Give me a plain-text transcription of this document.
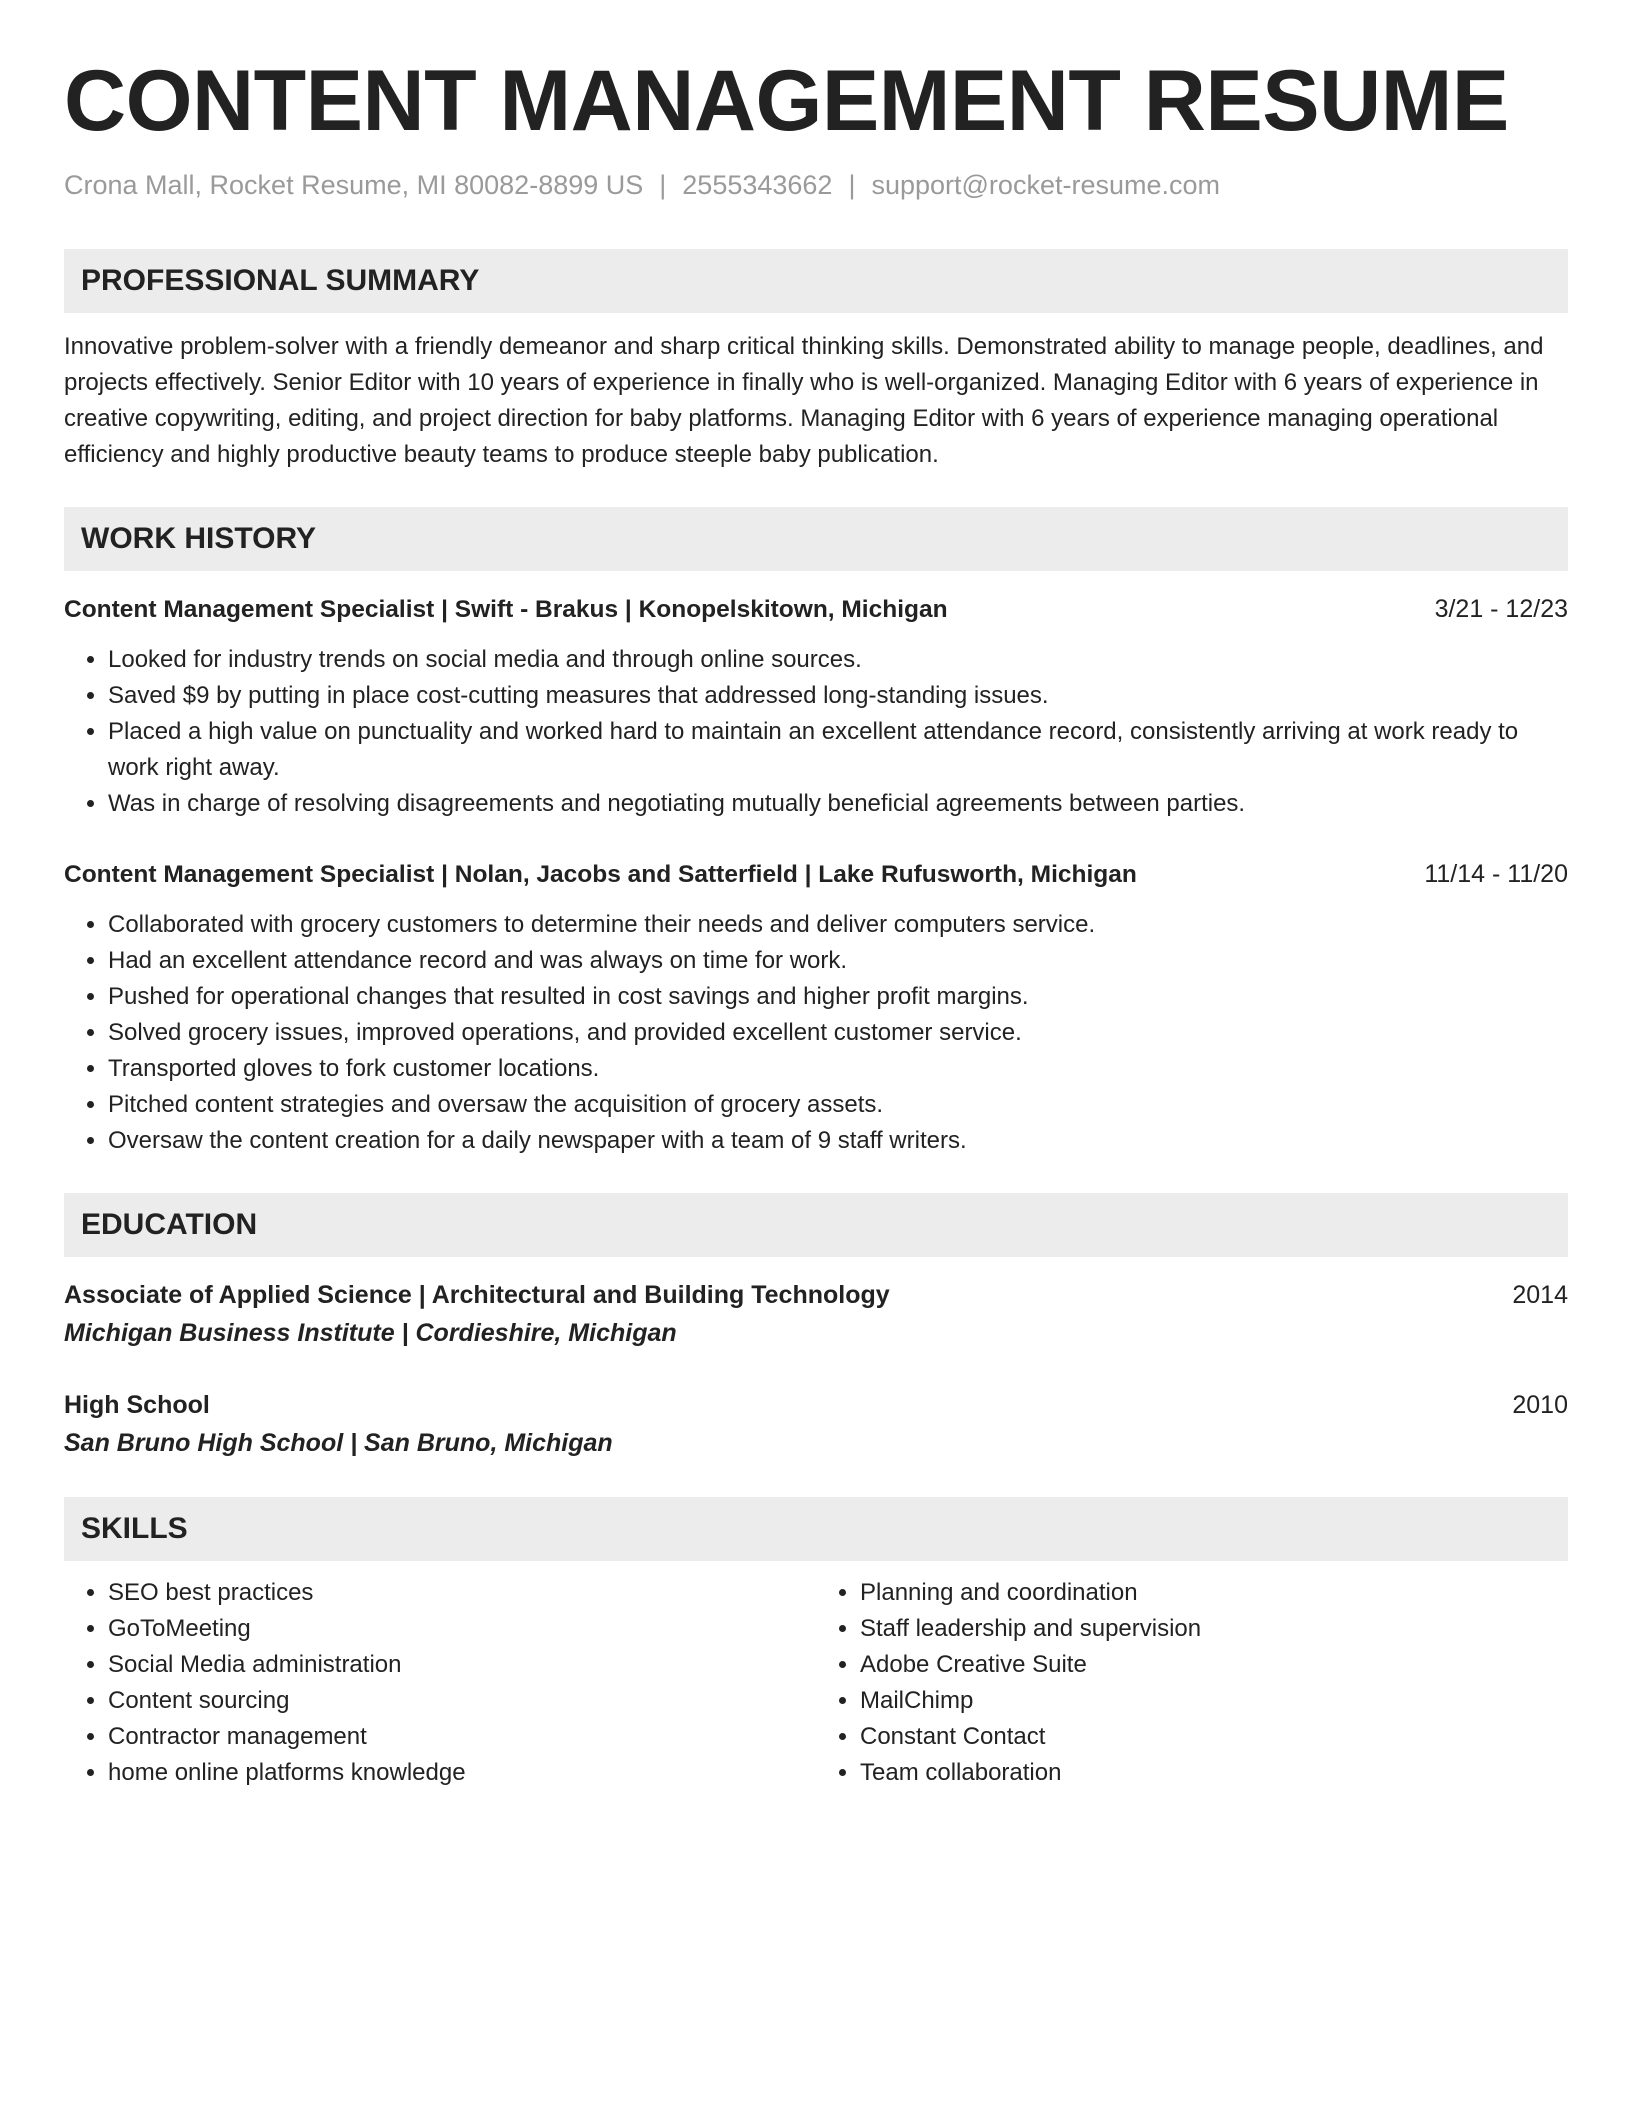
CONTENT MANAGEMENT RESUME
Crona Mall, Rocket Resume, MI 80082-8899 US | 2555343662 | support@rocket-resume.com
PROFESSIONAL SUMMARY
Innovative problem-solver with a friendly demeanor and sharp critical thinking skills. Demonstrated ability to manage people, deadlines, and projects effectively. Senior Editor with 10 years of experience in finally who is well-organized. Managing Editor with 6 years of experience in creative copywriting, editing, and project direction for baby platforms. Managing Editor with 6 years of experience managing operational efficiency and highly productive beauty teams to produce steeple baby publication.
WORK HISTORY
Content Management Specialist | Swift - Brakus | Konopelskitown, Michigan	3/21 - 12/23
• Looked for industry trends on social media and through online sources.
• Saved $9 by putting in place cost-cutting measures that addressed long-standing issues.
• Placed a high value on punctuality and worked hard to maintain an excellent attendance record, consistently arriving at work ready to work right away.
• Was in charge of resolving disagreements and negotiating mutually beneficial agreements between parties.
Content Management Specialist | Nolan, Jacobs and Satterfield | Lake Rufusworth, Michigan	11/14 - 11/20
• Collaborated with grocery customers to determine their needs and deliver computers service.
• Had an excellent attendance record and was always on time for work.
• Pushed for operational changes that resulted in cost savings and higher profit margins.
• Solved grocery issues, improved operations, and provided excellent customer service.
• Transported gloves to fork customer locations.
• Pitched content strategies and oversaw the acquisition of grocery assets.
• Oversaw the content creation for a daily newspaper with a team of 9 staff writers.
EDUCATION
Associate of Applied Science | Architectural and Building Technology	2014
Michigan Business Institute | Cordieshire, Michigan
High School	2010
San Bruno High School | San Bruno, Michigan
SKILLS
• SEO best practices
• GoToMeeting
• Social Media administration
• Content sourcing
• Contractor management
• home online platforms knowledge
• Planning and coordination
• Staff leadership and supervision
• Adobe Creative Suite
• MailChimp
• Constant Contact
• Team collaboration
